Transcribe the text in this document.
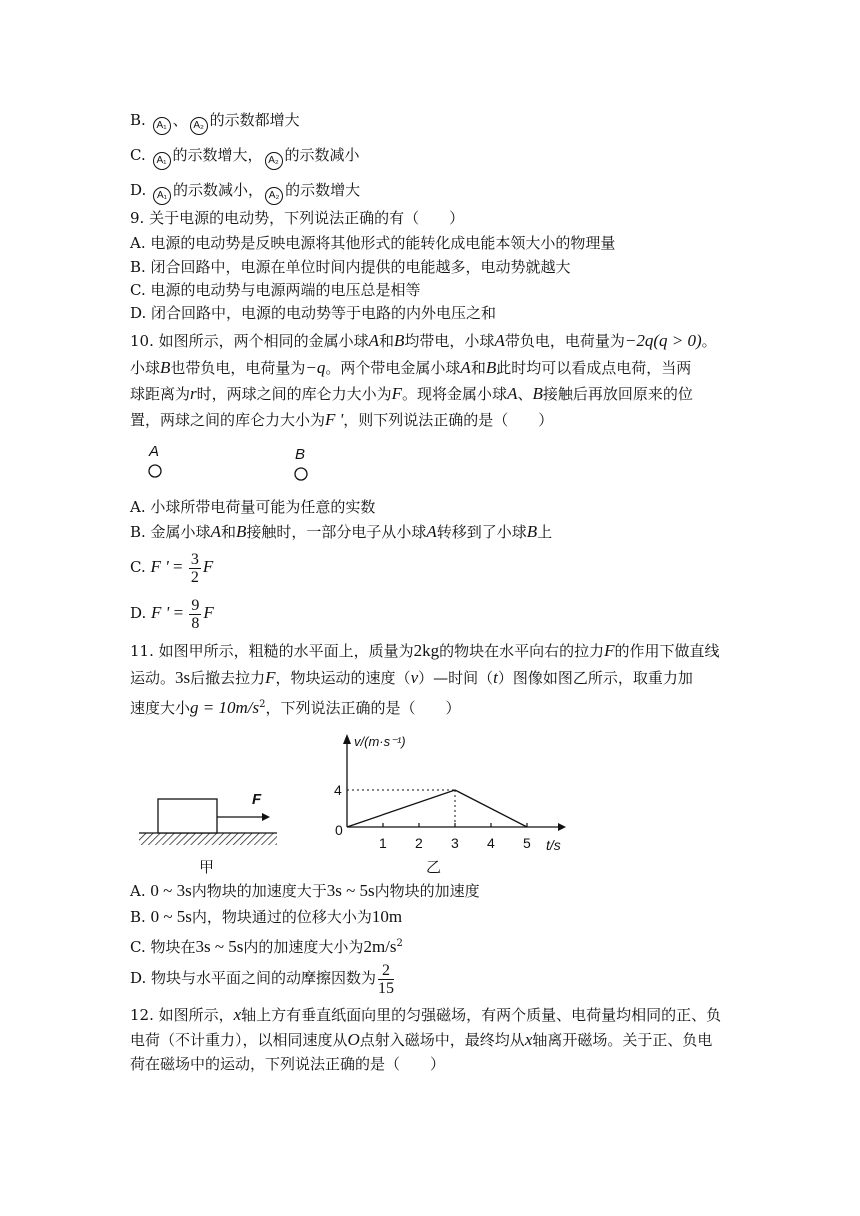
B. A₁ 、 A₂ 的示数都增大
C. A₁ 的示数增大， A₂ 的示数减小
D. A₁ 的示数减小， A₂ 的示数增大
9. 关于电源的电动势，下列说法正确的有（　　）
A. 电源的电动势是反映电源将其他形式的能转化成电能本领大小的物理量
B. 闭合回路中，电源在单位时间内提供的电能越多，电动势就越大
C. 电源的电动势与电源两端的电压总是相等
D. 闭合回路中，电源的电动势等于电路的内外电压之和
10. 如图所示，两个相同的金属小球A和B均带电，小球A带负电，电荷量为−2q(q > 0)。
小球B也带负电，电荷量为−q。两个带电金属小球A和B此时均可以看成点电荷，当两
球距离为r时，两球之间的库仑力大小为F。现将金属小球A、B接触后再放回原来的位
置，两球之间的库仑力大小为F '，则下列说法正确的是（　　）
A	B
A. 小球所带电荷量可能为任意的实数
B. 金属小球A和B接触时，一部分电子从小球A转移到了小球B上
C. F ' = $\frac{3}{2}$ F
D. F ' = $\frac{9}{8}$ F
11. 如图甲所示，粗糙的水平面上，质量为2kg的物块在水平向右的拉力F的作用下做直线
运动。3s后撤去拉力F，物块运动的速度（v）—时间（t）图像如图乙所示，取重力加
速度大小$g = 10m/s^2$，下列说法正确的是（　　）
F
甲
v/(m·s⁻¹)
t/s
0
1 2 3 4 5
4
乙
A. 0 ~ 3s内物块的加速度大于3s ~ 5s内物块的加速度
B. 0 ~ 5s内，物块通过的位移大小为10m
C. 物块在3s ~ 5s内的加速度大小为$2m/s^2$
D. 物块与水平面之间的动摩擦因数为 $\frac{2}{15}$
12. 如图所示，x轴上方有垂直纸面向里的匀强磁场，有两个质量、电荷量均相同的正、负
电荷（不计重力），以相同速度从O点射入磁场中，最终均从x轴离开磁场。关于正、负电
荷在磁场中的运动，下列说法正确的是（　　）
